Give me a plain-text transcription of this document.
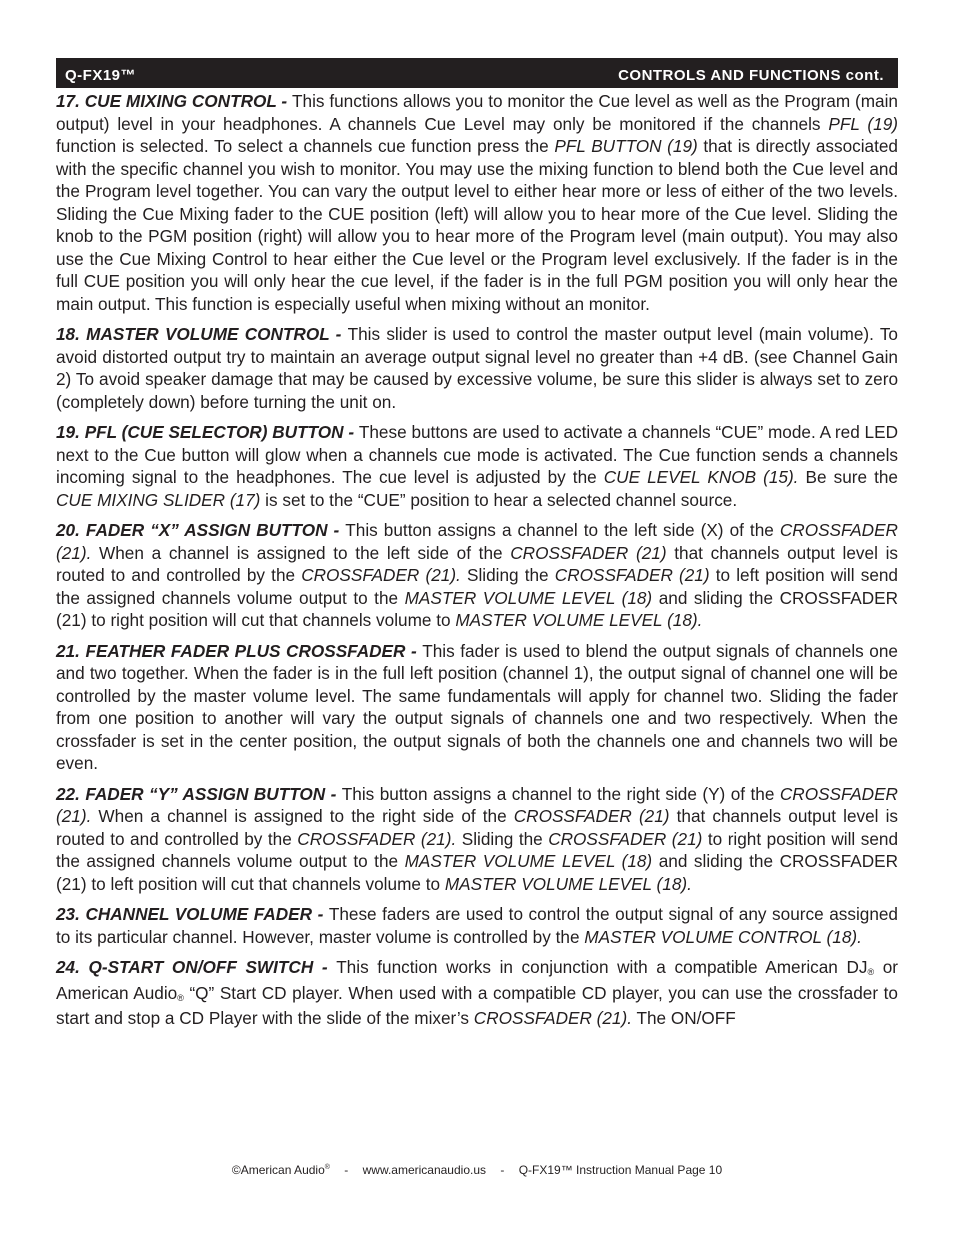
Q-FX19™	CONTROLS AND FUNCTIONS cont.

17. CUE MIXING CONTROL - This functions allows you to monitor the Cue level as well as the Program (main output) level in your headphones. A channels Cue Level may only be monitored if the channels PFL (19) function is selected. To select a channels cue function press the PFL BUTTON (19) that is directly associated with the specific channel you wish to monitor. You may use the mixing function to blend both the Cue level and the Program level together. You can vary the output level to either hear more or less of either of the two levels. Sliding the Cue Mixing fader to the CUE position (left) will allow you to hear more of the Cue level. Sliding the knob to the PGM position (right) will allow you to hear more of the Program level (main output). You may also use the Cue Mixing Control to hear either the Cue level or the Program level exclusively. If the fader is in the full CUE position you will only hear the cue level, if the fader is in the full PGM position you will only hear the main output. This function is especially useful when mixing without an monitor.

18. MASTER VOLUME CONTROL - This slider is used to control the master output level (main volume). To avoid distorted output try to maintain an average output signal level no greater than +4 dB. (see Channel Gain 2) To avoid speaker damage that may be caused by excessive volume, be sure this slider is always set to zero (completely down) before turning the unit on.

19. PFL (CUE SELECTOR) BUTTON - These buttons are used to activate a channels “CUE” mode. A red LED next to the Cue button will glow when a channels cue mode is activated. The Cue function sends a channels incoming signal to the headphones. The cue level is adjusted by the CUE LEVEL KNOB (15). Be sure the CUE MIXING SLIDER (17) is set to the “CUE” position to hear a selected channel source.

20. FADER “X” ASSIGN BUTTON - This button assigns a channel to the left side (X) of the CROSSFADER (21). When a channel is assigned to the left side of the CROSSFADER (21) that channels output level is routed to and controlled by the CROSSFADER (21). Sliding the CROSSFADER (21) to left position will send the assigned channels volume output to the MASTER VOLUME LEVEL (18) and sliding the CROSSFADER (21) to right position will cut that channels volume to MASTER VOLUME LEVEL (18).

21. FEATHER FADER PLUS CROSSFADER - This fader is used to blend the output signals of channels one and two together. When the fader is in the full left position (channel 1), the output signal of channel one will be controlled by the master volume level. The same fundamentals will apply for channel two. Sliding the fader from one position to another will vary the output signals of channels one and two respectively. When the crossfader is set in the center position, the output signals of both the channels one and channels two will be even.

22. FADER “Y” ASSIGN BUTTON - This button assigns a channel to the right side (Y) of the CROSSFADER (21). When a channel is assigned to the right side of the CROSSFADER (21) that channels output level is routed to and controlled by the CROSSFADER (21). Sliding the CROSSFADER (21) to right position will send the assigned channels volume output to the MASTER VOLUME LEVEL (18) and sliding the CROSSFADER (21) to left position will cut that channels volume to MASTER VOLUME LEVEL (18).

23. CHANNEL VOLUME FADER - These faders are used to control the output signal of any source assigned to its particular channel. However, master volume is controlled by the MASTER VOLUME CONTROL (18).

24. Q-START ON/OFF SWITCH - This function works in conjunction with a compatible American $DJ_®$ or American Audio$_®$ “Q” Start CD player. When used with a compatible CD player, you can use the crossfader to start and stop a CD Player with the slide of the mixer’s CROSSFADER (21). The ON/OFF

©American Audio® - www.americanaudio.us - Q-FX19™ Instruction Manual Page 10
